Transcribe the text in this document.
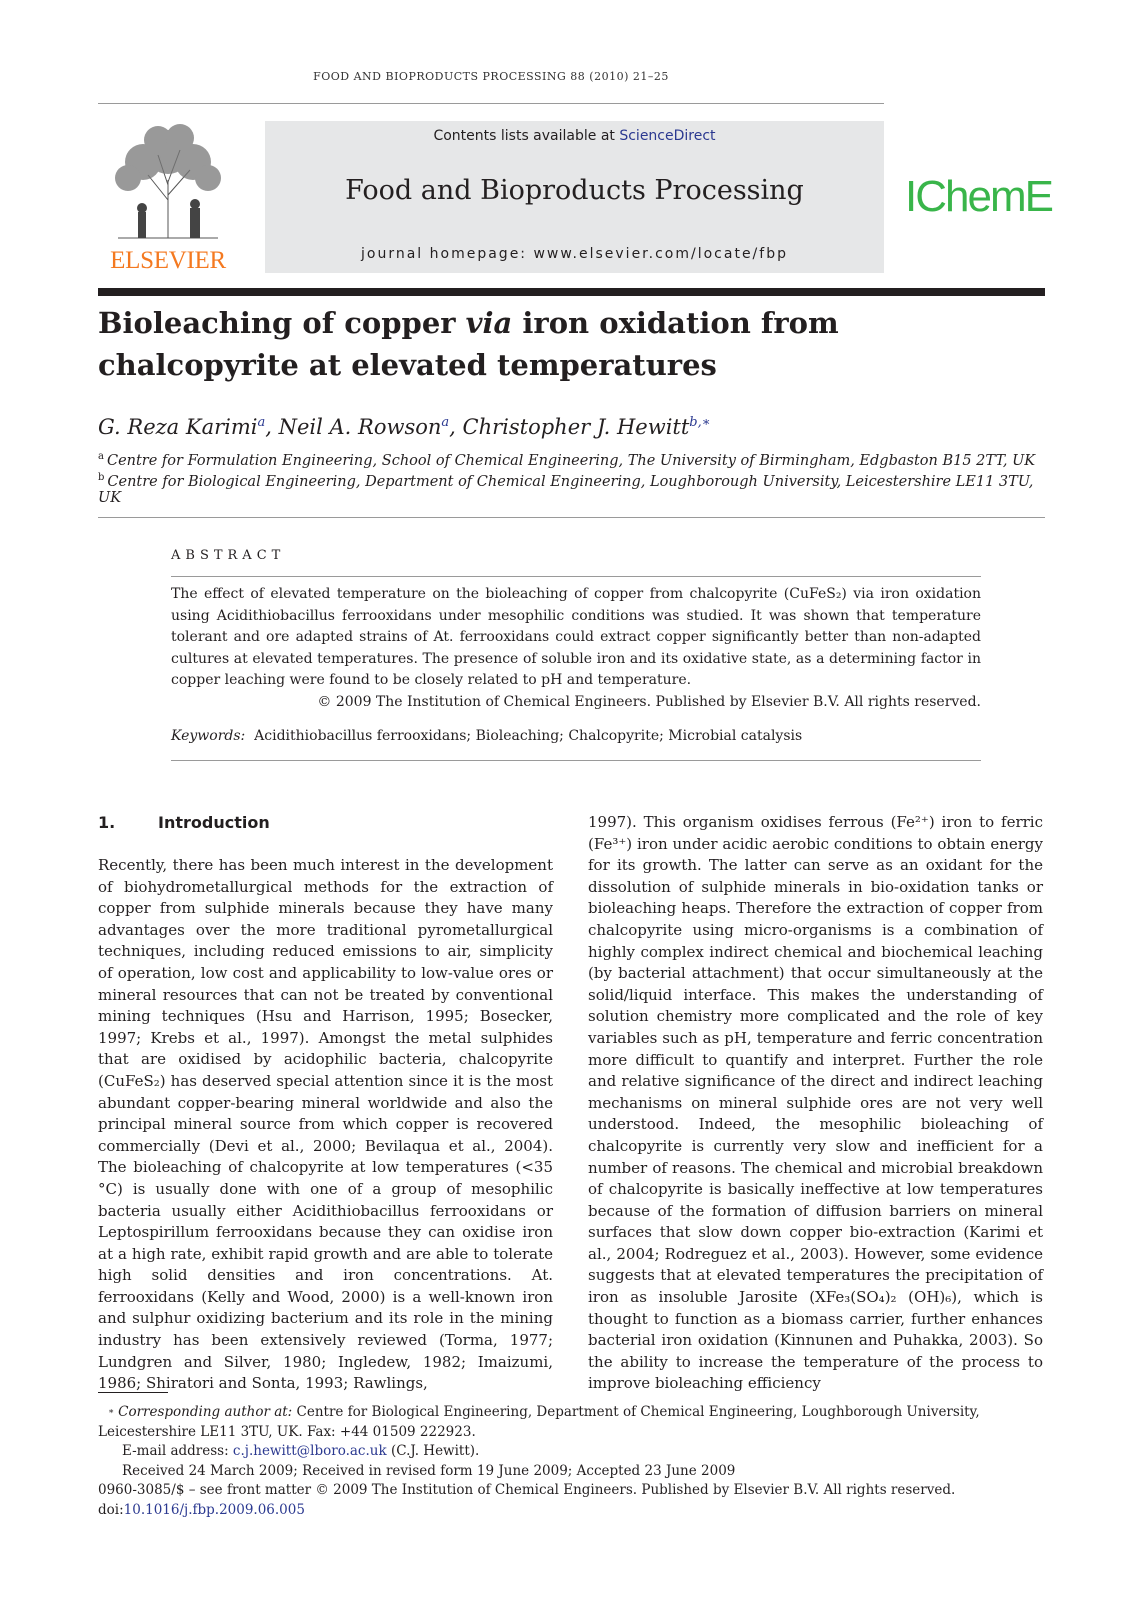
FOOD AND BIOPRODUCTS PROCESSING 88 (2010) 21–25
ELSEVIER
Contents lists available at ScienceDirect
Food and Bioproducts Processing
journal homepage: www.elsevier.com/locate/fbp
IChemE
Bioleaching of copper via iron oxidation from chalcopyrite at elevated temperatures
G. Reza Karimi$^a$, Neil A. Rowson$^a$, Christopher J. Hewitt$^{b,∗}$
$^a$ Centre for Formulation Engineering, School of Chemical Engineering, The University of Birmingham, Edgbaston B15 2TT, UK
$^b$ Centre for Biological Engineering, Department of Chemical Engineering, Loughborough University, Leicestershire LE11 3TU, UK
ABSTRACT
The effect of elevated temperature on the bioleaching of copper from chalcopyrite (CuFeS₂) via iron oxidation using Acidithiobacillus ferrooxidans under mesophilic conditions was studied. It was shown that temperature tolerant and ore adapted strains of At. ferrooxidans could extract copper significantly better than non-adapted cultures at elevated temperatures. The presence of soluble iron and its oxidative state, as a determining factor in copper leaching were found to be closely related to pH and temperature.
© 2009 The Institution of Chemical Engineers. Published by Elsevier B.V. All rights reserved.
Keywords: Acidithiobacillus ferrooxidans; Bioleaching; Chalcopyrite; Microbial catalysis
1.	Introduction

Recently, there has been much interest in the development of biohydrometallurgical methods for the extraction of copper from sulphide minerals because they have many advantages over the more traditional pyrometallurgical techniques, including reduced emissions to air, simplicity of operation, low cost and applicability to low-value ores or mineral resources that can not be treated by conventional mining techniques (Hsu and Harrison, 1995; Bosecker, 1997; Krebs et al., 1997). Amongst the metal sulphides that are oxidised by acidophilic bacteria, chalcopyrite (CuFeS₂) has deserved special attention since it is the most abundant copper-bearing mineral worldwide and also the principal mineral source from which copper is recovered commercially (Devi et al., 2000; Bevilaqua et al., 2004). The bioleaching of chalcopyrite at low temperatures (<35 °C) is usually done with one of a group of mesophilic bacteria usually either Acidithiobacillus ferrooxidans or Leptospirillum ferrooxidans because they can oxidise iron at a high rate, exhibit rapid growth and are able to tolerate high solid densities and iron concentrations. At. ferrooxidans (Kelly and Wood, 2000) is a well-known iron and sulphur oxidizing bacterium and its role in the mining industry has been extensively reviewed (Torma, 1977; Lundgren and Silver, 1980; Ingledew, 1982; Imaizumi, 1986; Shiratori and Sonta, 1993; Rawlings,

1997). This organism oxidises ferrous (Fe²⁺) iron to ferric (Fe³⁺) iron under acidic aerobic conditions to obtain energy for its growth. The latter can serve as an oxidant for the dissolution of sulphide minerals in bio-oxidation tanks or bioleaching heaps. Therefore the extraction of copper from chalcopyrite using micro-organisms is a combination of highly complex indirect chemical and biochemical leaching (by bacterial attachment) that occur simultaneously at the solid/liquid interface. This makes the understanding of solution chemistry more complicated and the role of key variables such as pH, temperature and ferric concentration more difficult to quantify and interpret. Further the role and relative significance of the direct and indirect leaching mechanisms on mineral sulphide ores are not very well understood. Indeed, the mesophilic bioleaching of chalcopyrite is currently very slow and inefficient for a number of reasons. The chemical and microbial breakdown of chalcopyrite is basically ineffective at low temperatures because of the formation of diffusion barriers on mineral surfaces that slow down copper bio-extraction (Karimi et al., 2004; Rodreguez et al., 2003). However, some evidence suggests that at elevated temperatures the precipitation of iron as insoluble Jarosite (XFe₃(SO₄)₂ (OH)₆), which is thought to function as a biomass carrier, further enhances bacterial iron oxidation (Kinnunen and Puhakka, 2003). So the ability to increase the temperature of the process to improve bioleaching efficiency

∗ Corresponding author at: Centre for Biological Engineering, Department of Chemical Engineering, Loughborough University, Leicestershire LE11 3TU, UK. Fax: +44 01509 222923.

E-mail address: c.j.hewitt@lboro.ac.uk (C.J. Hewitt).

Received 24 March 2009; Received in revised form 19 June 2009; Accepted 23 June 2009

0960-3085/$ – see front matter © 2009 The Institution of Chemical Engineers. Published by Elsevier B.V. All rights reserved.

doi:10.1016/j.fbp.2009.06.005
